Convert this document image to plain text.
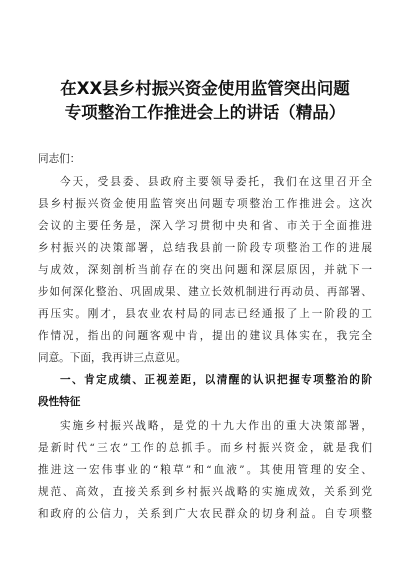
在XX县乡村振兴资金使用监管突出问题
专项整治工作推进会上的讲话（精品）
同志们：
今天，受县委、县政府主要领导委托，我们在这里召开全
县乡村振兴资金使用监管突出问题专项整治工作推进会。这次
会议的主要任务是，深入学习贯彻中央和省、市关于全面推进
乡村振兴的决策部署，总结我县前一阶段专项整治工作的进展
与成效，深刻剖析当前存在的突出问题和深层原因，并就下一
步如何深化整治、巩固成果、建立长效机制进行再动员、再部署、
再压实。刚才，县农业农村局的同志已经通报了上一阶段的工
作情况，指出的问题客观中肯，提出的建议具体实在，我完全
同意。下面，我再讲三点意见。
一、肯定成绩、正视差距，以清醒的认识把握专项整治的阶
段性特征
实施乡村振兴战略，是党的十九大作出的重大决策部署，
是新时代“三农”工作的总抓手。而乡村振兴资金，就是我们
推进这一宏伟事业的“粮草”和“血液”。其使用管理的安全、
规范、高效，直接关系到乡村振兴战略的实施成效，关系到党
和政府的公信力，关系到广大农民群众的切身利益。自专项整
